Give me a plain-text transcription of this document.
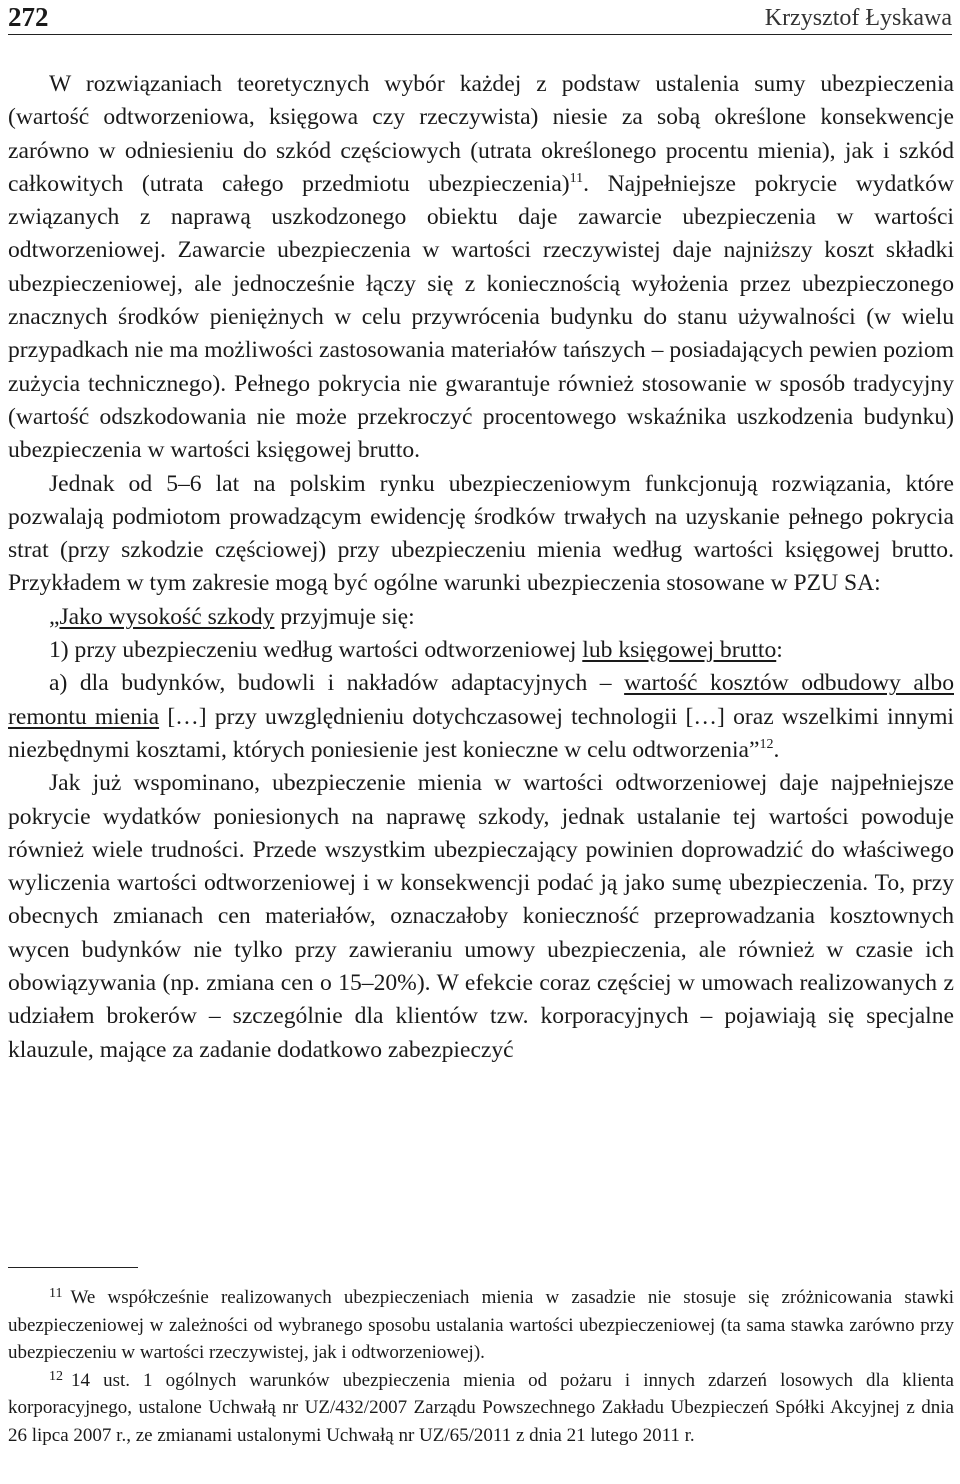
272	Krzysztof Łyskawa

W rozwiązaniach teoretycznych wybór każdej z podstaw ustalenia sumy ubezpieczenia (wartość odtworzeniowa, księgowa czy rzeczywista) niesie za sobą określone konsekwencje zarówno w odniesieniu do szkód częściowych (utrata określonego procentu mienia), jak i szkód całkowitych (utrata całego przedmiotu ubezpieczenia)$^{11}$. Najpełniejsze pokrycie wydatków związanych z naprawą uszkodzonego obiektu daje zawarcie ubezpieczenia w wartości odtworzeniowej. Zawarcie ubezpieczenia w wartości rzeczywistej daje najniższy koszt składki ubezpieczeniowej, ale jednocześnie łączy się z koniecznością wyłożenia przez ubezpieczonego znacznych środków pieniężnych w celu przywrócenia budynku do stanu używalności (w wielu przypadkach nie ma możliwości zastosowania materiałów tańszych – posiadających pewien poziom zużycia technicznego). Pełnego pokrycia nie gwarantuje również stosowanie w sposób tradycyjny (wartość odszkodowania nie może przekroczyć procentowego wskaźnika uszkodzenia budynku) ubezpieczenia w wartości księgowej brutto.

Jednak od 5–6 lat na polskim rynku ubezpieczeniowym funkcjonują rozwiązania, które pozwalają podmiotom prowadzącym ewidencję środków trwałych na uzyskanie pełnego pokrycia strat (przy szkodzie częściowej) przy ubezpieczeniu mienia według wartości księgowej brutto. Przykładem w tym zakresie mogą być ogólne warunki ubezpieczenia stosowane w PZU SA:

„Jako wysokość szkody przyjmuje się:

1) przy ubezpieczeniu według wartości odtworzeniowej lub księgowej brutto:

a) dla budynków, budowli i nakładów adaptacyjnych – wartość kosztów odbudowy albo remontu mienia […] przy uwzględnieniu dotychczasowej technologii […] oraz wszelkimi innymi niezbędnymi kosztami, których poniesienie jest konieczne w celu odtworzenia”$^{12}$.

Jak już wspominano, ubezpieczenie mienia w wartości odtworzeniowej daje najpełniejsze pokrycie wydatków poniesionych na naprawę szkody, jednak ustalanie tej wartości powoduje również wiele trudności. Przede wszystkim ubezpieczający powinien doprowadzić do właściwego wyliczenia wartości odtworzeniowej i w konsekwencji podać ją jako sumę ubezpieczenia. To, przy obecnych zmianach cen materiałów, oznaczałoby konieczność przeprowadzania kosztownych wycen budynków nie tylko przy zawieraniu umowy ubezpieczenia, ale również w czasie ich obowiązywania (np. zmiana cen o 15–20%). W efekcie coraz częściej w umowach realizowanych z udziałem brokerów – szczególnie dla klientów tzw. korporacyjnych – pojawiają się specjalne klauzule, mające za zadanie dodatkowo zabezpieczyć

$^{11}$ We współcześnie realizowanych ubezpieczeniach mienia w zasadzie nie stosuje się zróżnicowania stawki ubezpieczeniowej w zależności od wybranego sposobu ustalania wartości ubezpieczeniowej (ta sama stawka zarówno przy ubezpieczeniu w wartości rzeczywistej, jak i odtworzeniowej).

$^{12}$ 14 ust. 1 ogólnych warunków ubezpieczenia mienia od pożaru i innych zdarzeń losowych dla klienta korporacyjnego, ustalone Uchwałą nr UZ/432/2007 Zarządu Powszechnego Zakładu Ubezpieczeń Spółki Akcyjnej z dnia 26 lipca 2007 r., ze zmianami ustalonymi Uchwałą nr UZ/65/2011 z dnia 21 lutego 2011 r.
